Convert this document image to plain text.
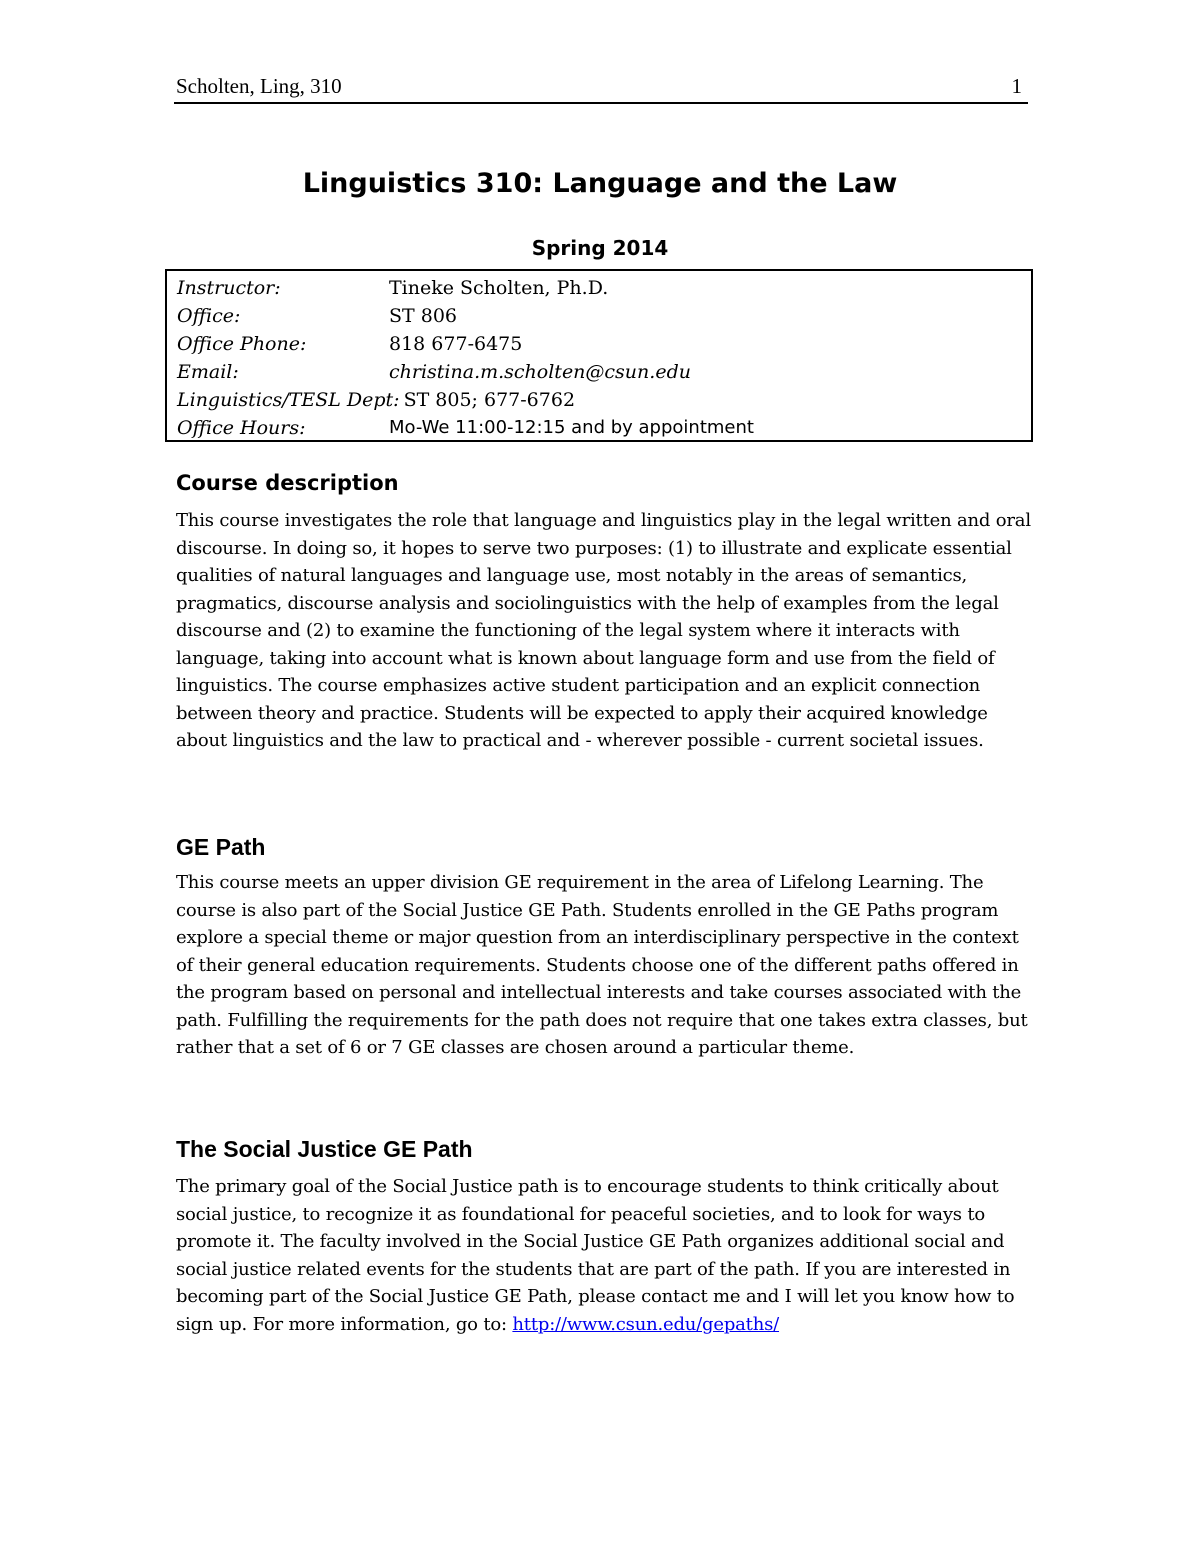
Scholten, Ling, 310	1
Linguistics 310: Language and the Law
Spring 2014
Instructor:	Tineke Scholten, Ph.D.
Office:	ST 806
Office Phone:	818 677-6475
Email:	christina.m.scholten@csun.edu
Linguistics/TESL Dept: ST 805; 677-6762
Office Hours:	Mo-We 11:00-12:15 and by appointment
Course description

This course investigates the role that language and linguistics play in the legal written and oral discourse. In doing so, it hopes to serve two purposes: (1) to illustrate and explicate essential qualities of natural languages and language use, most notably in the areas of semantics, pragmatics, discourse analysis and sociolinguistics with the help of examples from the legal discourse and (2) to examine the functioning of the legal system where it interacts with language, taking into account what is known about language form and use from the field of linguistics. The course emphasizes active student participation and an explicit connection between theory and practice. Students will be expected to apply their acquired knowledge about linguistics and the law to practical and - wherever possible - current societal issues.

GE Path

This course meets an upper division GE requirement in the area of Lifelong Learning. The course is also part of the Social Justice GE Path. Students enrolled in the GE Paths program explore a special theme or major question from an interdisciplinary perspective in the context of their general education requirements. Students choose one of the different paths offered in the program based on personal and intellectual interests and take courses associated with the path. Fulfilling the requirements for the path does not require that one takes extra classes, but rather that a set of 6 or 7 GE classes are chosen around a particular theme.

The Social Justice GE Path

The primary goal of the Social Justice path is to encourage students to think critically about social justice, to recognize it as foundational for peaceful societies, and to look for ways to promote it. The faculty involved in the Social Justice GE Path organizes additional social and social justice related events for the students that are part of the path. If you are interested in becoming part of the Social Justice GE Path, please contact me and I will let you know how to sign up. For more information, go to: http://www.csun.edu/gepaths/
